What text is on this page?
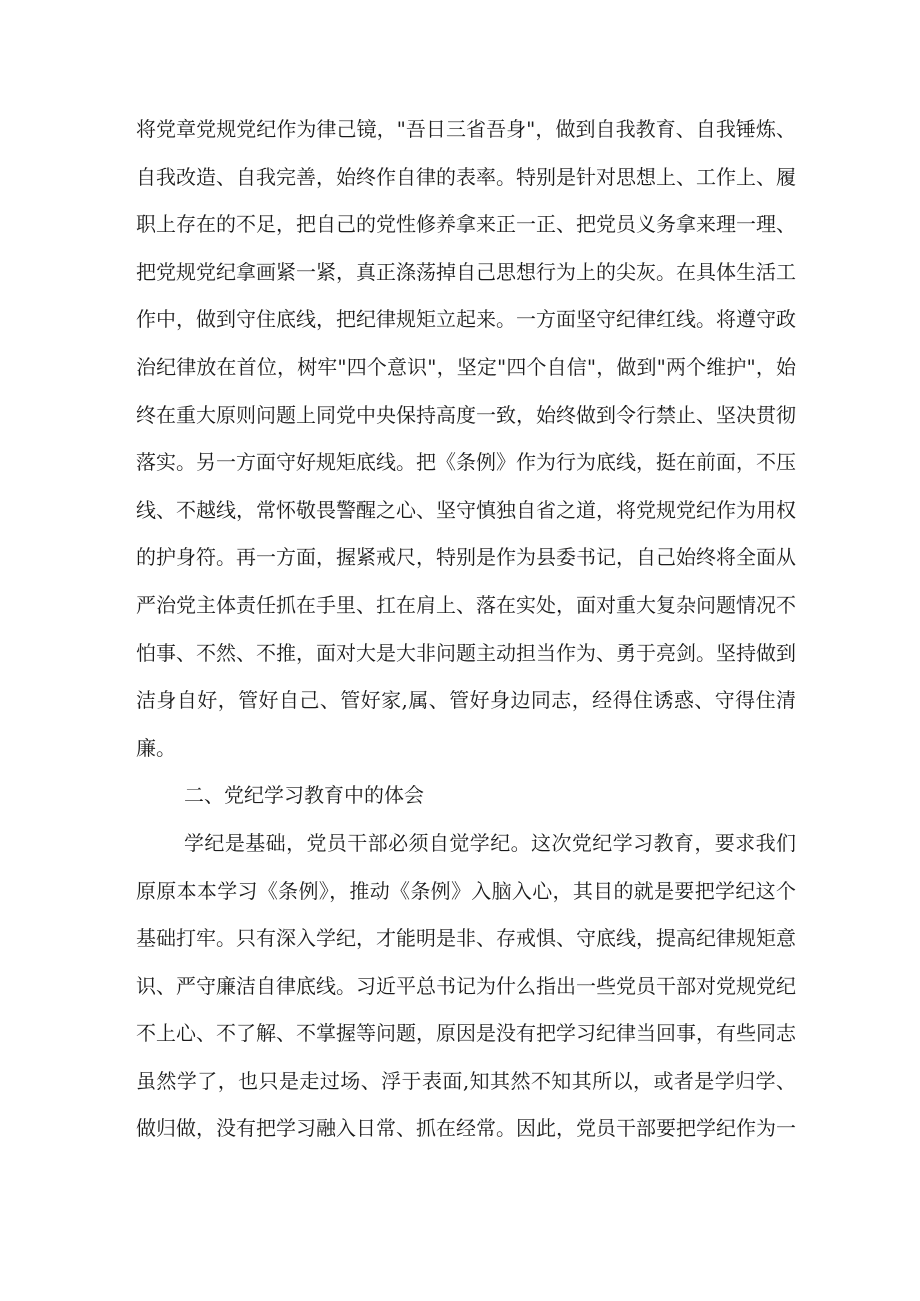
将党章党规党纪作为律己镜，"吾日三省吾身"，做到自我教育、自我锤炼、
自我改造、自我完善，始终作自律的表率。特别是针对思想上、工作上、履
职上存在的不足，把自己的党性修养拿来正一正、把党员义务拿来理一理、
把党规党纪拿画紧一紧，真正涤荡掉自己思想行为上的尖灰。在具体生活工
作中，做到守住底线，把纪律规矩立起来。一方面坚守纪律红线。将遵守政
治纪律放在首位，树牢"四个意识"，坚定"四个自信"，做到"两个维护"，始
终在重大原则问题上同党中央保持高度一致，始终做到令行禁止、坚决贯彻
落实。另一方面守好规矩底线。把《条例》作为行为底线，挺在前面，不压
线、不越线，常怀敬畏警醒之心、坚守慎独自省之道，将党规党纪作为用权
的护身符。再一方面，握紧戒尺，特别是作为县委书记，自己始终将全面从
严治党主体责任抓在手里、扛在肩上、落在实处，面对重大复杂问题情况不
怕事、不然、不推，面对大是大非问题主动担当作为、勇于亮剑。坚持做到
洁身自好，管好自己、管好家,属、管好身边同志，经得住诱惑、守得住清
廉。
二、党纪学习教育中的体会
学纪是基础，党员干部必须自觉学纪。这次党纪学习教育，要求我们
原原本本学习《条例》，推动《条例》入脑入心，其目的就是要把学纪这个
基础打牢。只有深入学纪，才能明是非、存戒惧、守底线，提高纪律规矩意
识、严守廉洁自律底线。习近平总书记为什么指出一些党员干部对党规党纪
不上心、不了解、不掌握等问题，原因是没有把学习纪律当回事，有些同志
虽然学了，也只是走过场、浮于表面,知其然不知其所以，或者是学归学、
做归做，没有把学习融入日常、抓在经常。因此，党员干部要把学纪作为一
